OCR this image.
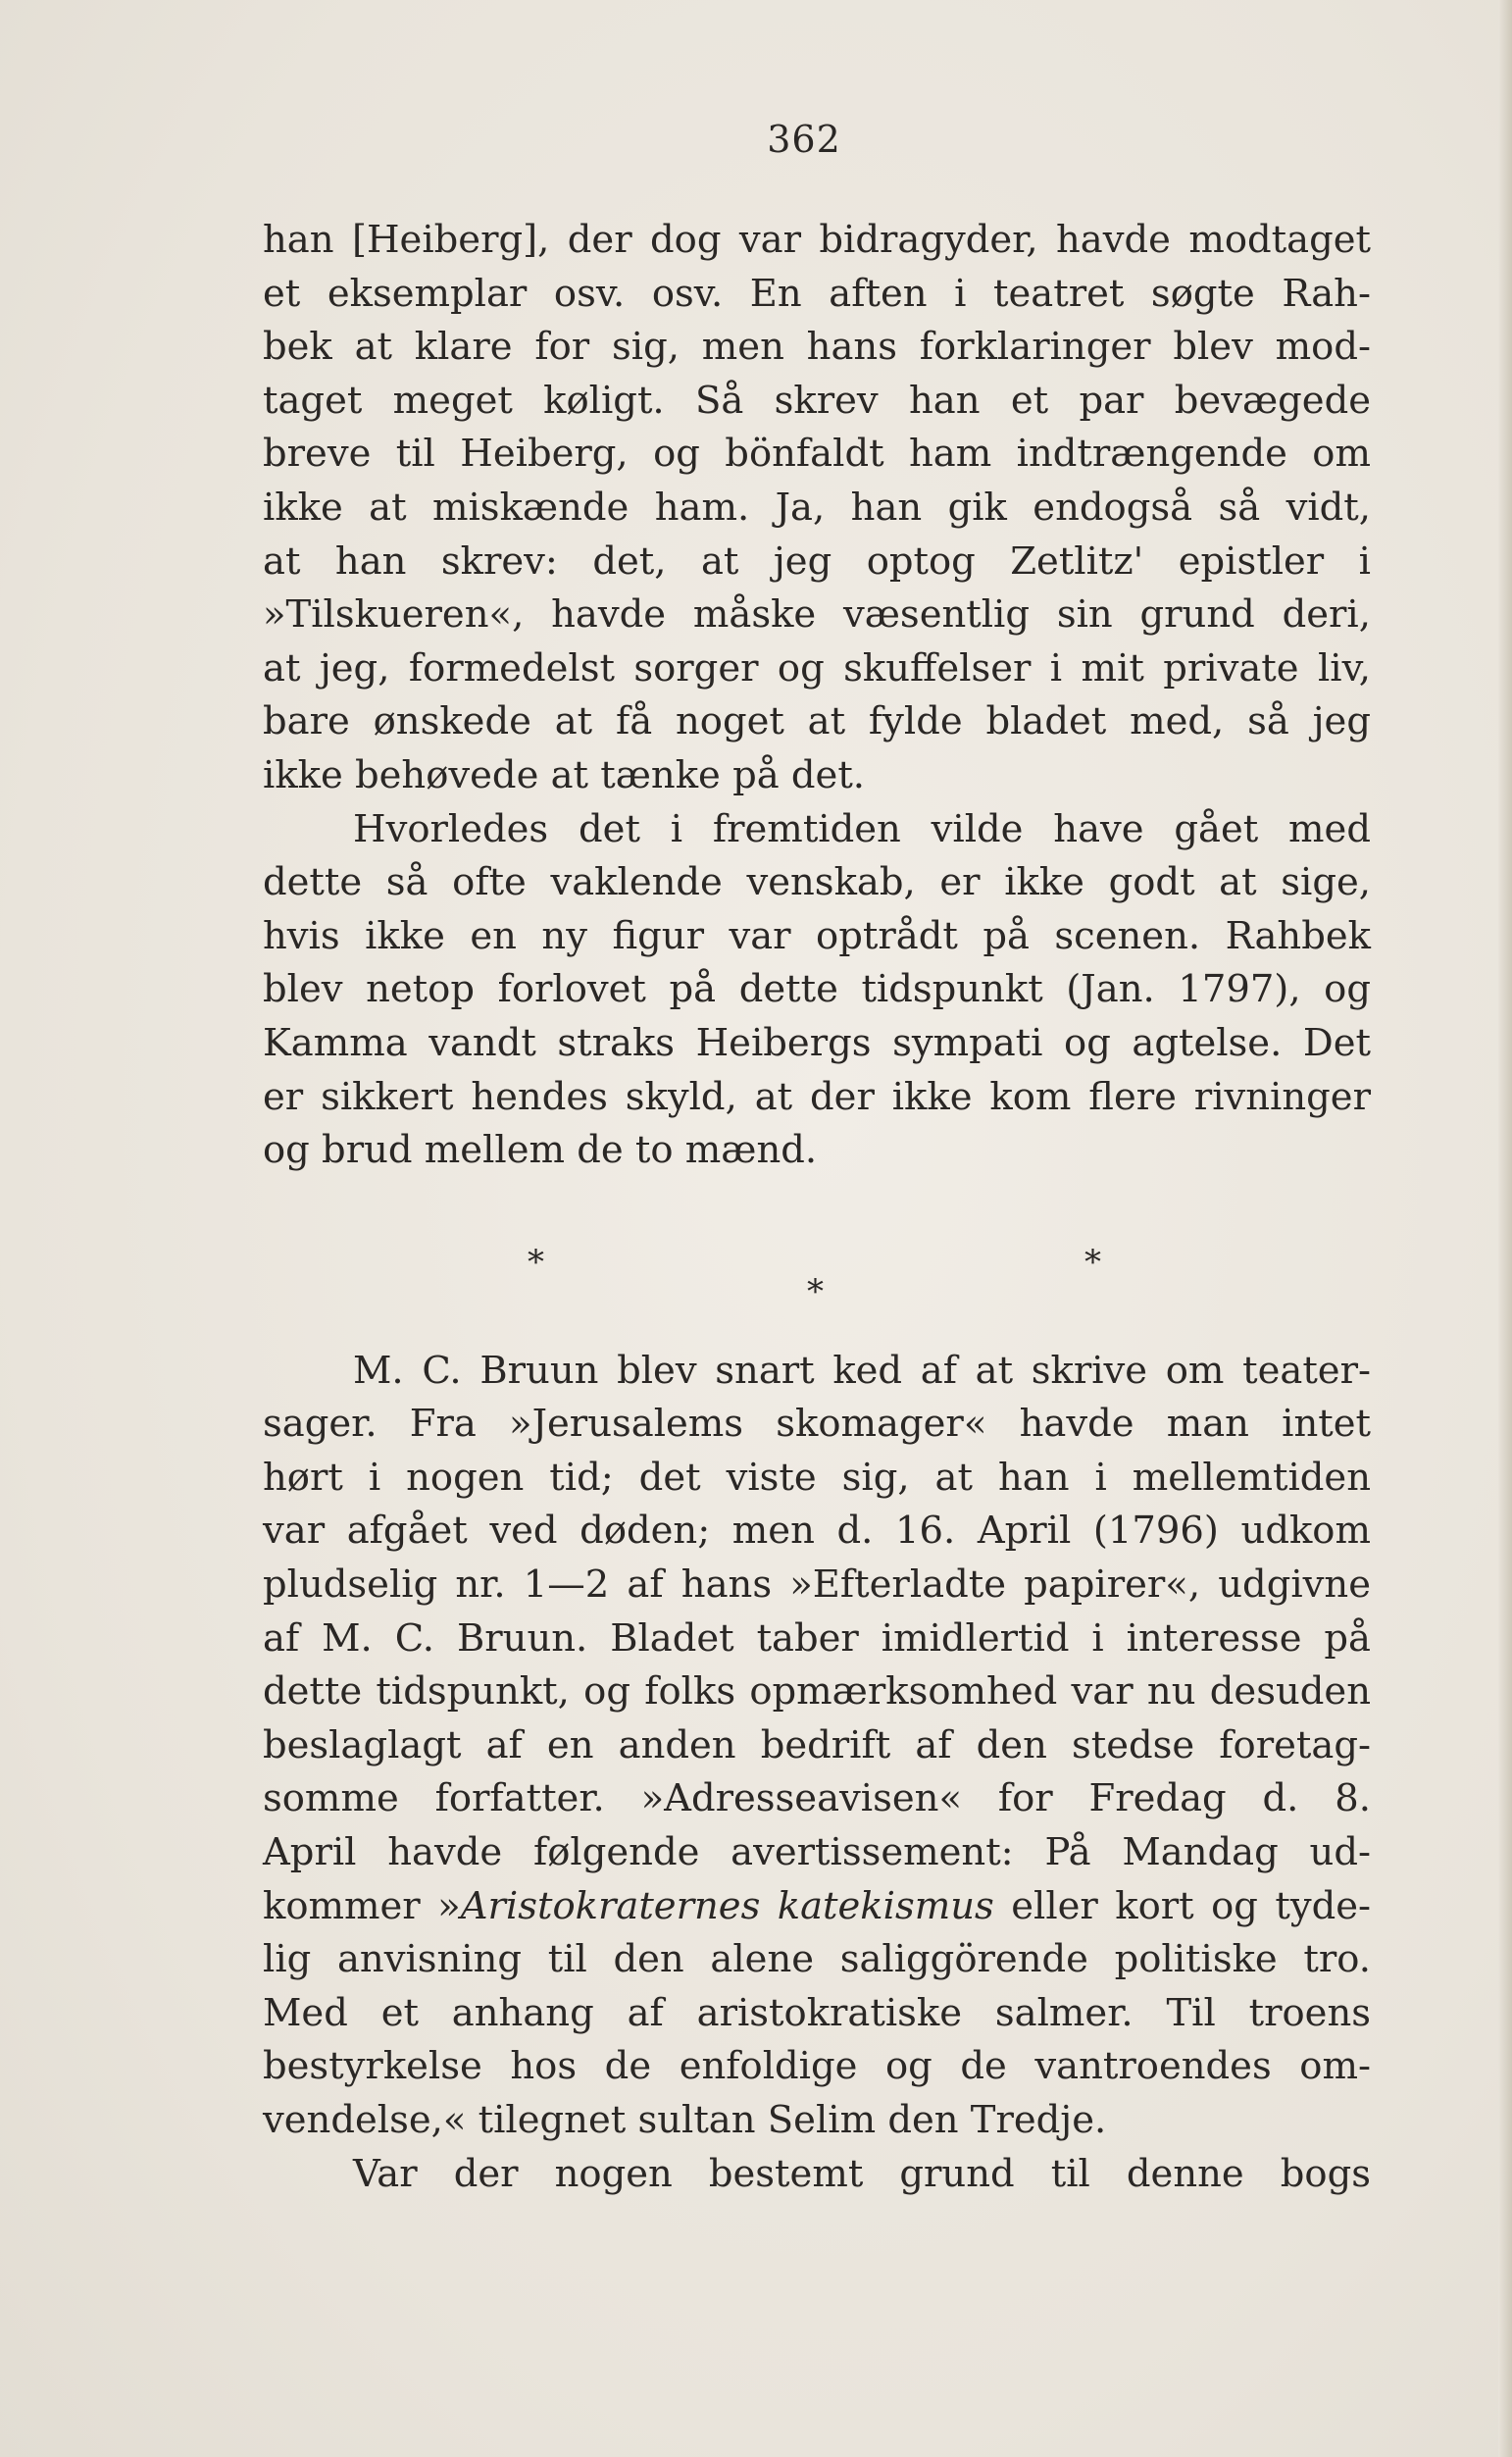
362
han [Heiberg], der dog var bidragyder, havde modtaget
et eksemplar osv. osv. En aften i teatret søgte Rah-
bek at klare for sig, men hans forklaringer blev mod-
taget meget køligt. Så skrev han et par bevægede
breve til Heiberg, og bönfaldt ham indtrængende om
ikke at miskænde ham. Ja, han gik endogså så vidt,
at han skrev: det, at jeg optog Zetlitz' epistler i
»Tilskueren«, havde måske væsentlig sin grund deri,
at jeg, formedelst sorger og skuffelser i mit private liv,
bare ønskede at få noget at fylde bladet med, så jeg
ikke behøvede at tænke på det.
Hvorledes det i fremtiden vilde have gået med
dette så ofte vaklende venskab, er ikke godt at sige,
hvis ikke en ny figur var optrådt på scenen. Rahbek
blev netop forlovet på dette tidspunkt (Jan. 1797), og
Kamma vandt straks Heibergs sympati og agtelse. Det
er sikkert hendes skyld, at der ikke kom flere rivninger
og brud mellem de to mænd.
*
*
*
M. C. Bruun blev snart ked af at skrive om teater-
sager. Fra »Jerusalems skomager« havde man intet
hørt i nogen tid; det viste sig, at han i mellemtiden
var afgået ved døden; men d. 16. April (1796) udkom
pludselig nr. 1—2 af hans »Efterladte papirer«, udgivne
af M. C. Bruun. Bladet taber imidlertid i interesse på
dette tidspunkt, og folks opmærksomhed var nu desuden
beslaglagt af en anden bedrift af den stedse foretag-
somme forfatter. »Adresseavisen« for Fredag d. 8.
April havde følgende avertissement: På Mandag ud-
kommer »Aristokraternes katekismus eller kort og tyde-
lig anvisning til den alene saliggörende politiske tro.
Med et anhang af aristokratiske salmer. Til troens
bestyrkelse hos de enfoldige og de vantroendes om-
vendelse,« tilegnet sultan Selim den Tredje.
Var der nogen bestemt grund til denne bogs
